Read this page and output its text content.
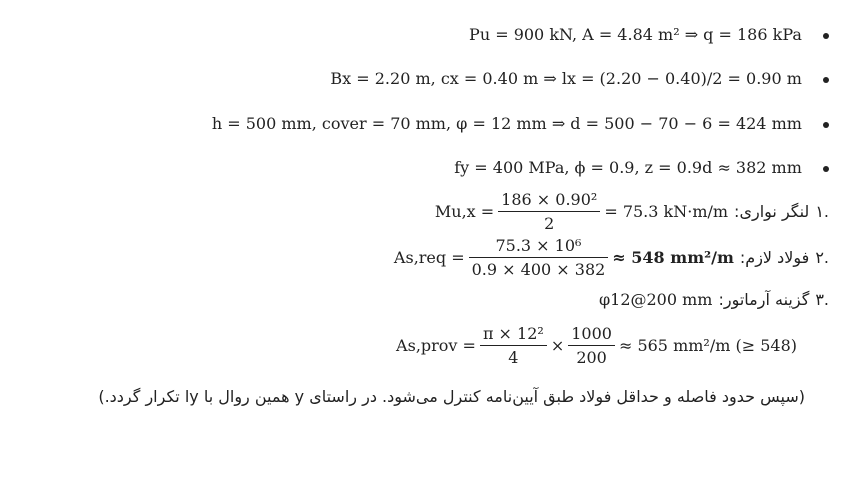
Pu = 900 kN, A = 4.84 m² ⇒ q = 186 kPa
Bx = 2.20 m, cx = 0.40 m ⇒ lx = (2.20 − 0.40)/2 = 0.90 m
h = 500 mm, cover = 70 mm, φ = 12 mm ⇒ d = 500 − 70 − 6 = 424 mm
fy = 400 MPa, ϕ = 0.9, z = 0.9d ≈ 382 mm
$Mu,x = \frac{\text{186 × 0.90²}}{2} = 75.3$ kN·m/m لنگر نواری: ۱.
$As,req = \frac{\text{75.3 × 10⁶}}{0.9 \times 400 \times 382} \approx 548$ mm²/m فولاد لازم: ۲.
φ12@200 mm گزینه آرماتور: ۳.
As,prov = $\frac{\text{π × 12²}}{4} \times \frac{1000}{200} \approx 565$ mm²/m (≥ 548)
(سپس حدود فاصله و حداقل فولاد طبق آیین‌نامه کنترل می‌شود. در راستای y همین روال با ly تکرار گردد.)
